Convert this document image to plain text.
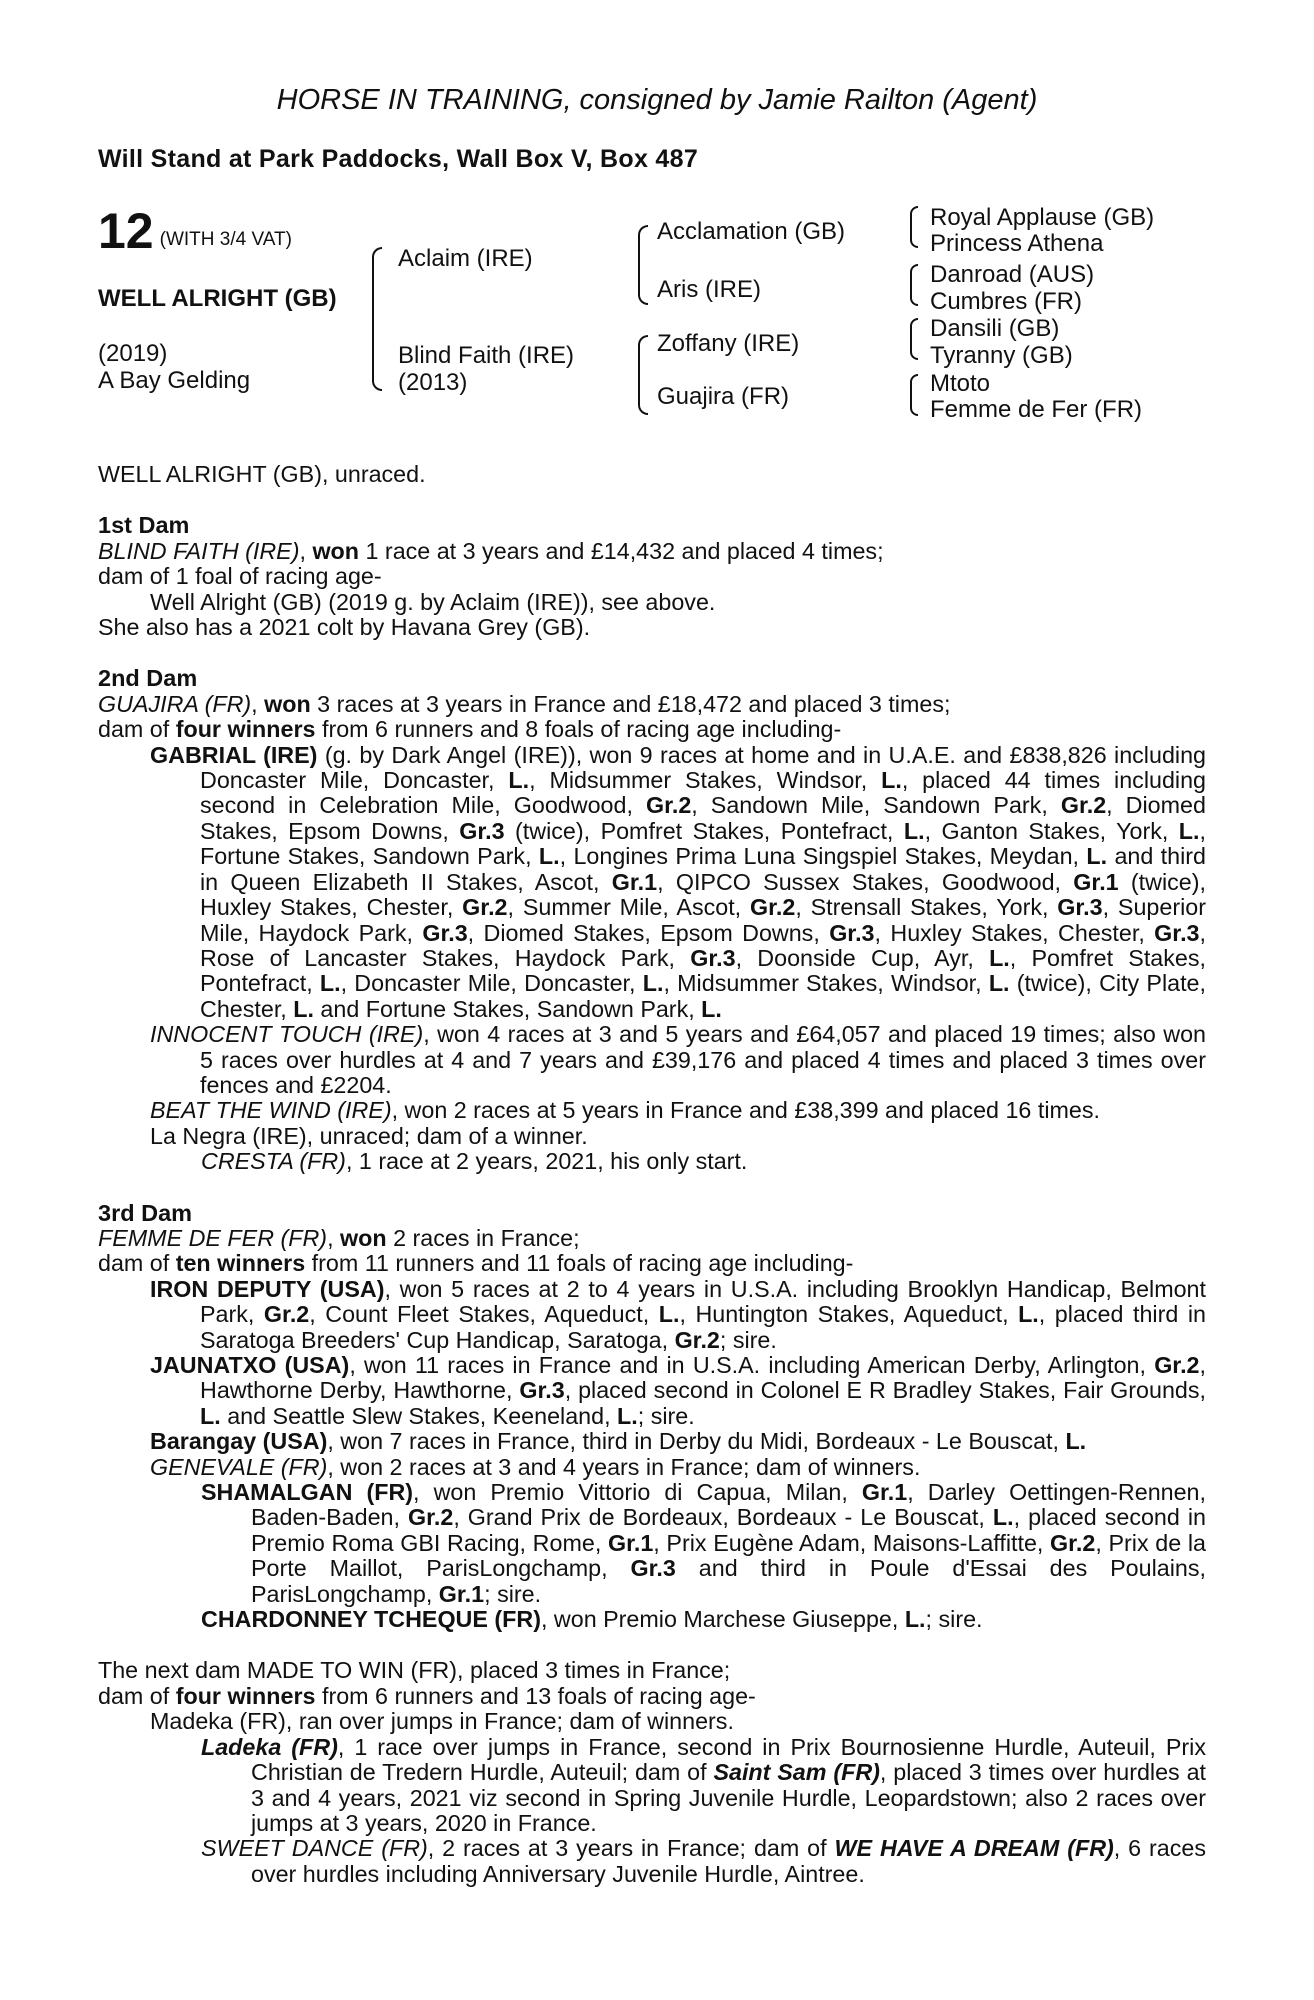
HORSE IN TRAINING, consigned by Jamie Railton (Agent)
Will Stand at Park Paddocks, Wall Box V, Box 487
12 (WITH 3/4 VAT)
WELL ALRIGHT (GB)
(2019)
A Bay Gelding
Aclaim (IRE)
Blind Faith (IRE)
(2013)
Acclamation (GB)
Aris (IRE)
Zoffany (IRE)
Guajira (FR)
Royal Applause (GB)
Princess Athena
Danroad (AUS)
Cumbres (FR)
Dansili (GB)
Tyranny (GB)
Mtoto
Femme de Fer (FR)

WELL ALRIGHT (GB), unraced.

1st Dam

BLIND FAITH (IRE), won 1 race at 3 years and £14,432 and placed 4 times;

dam of 1 foal of racing age-

Well Alright (GB) (2019 g. by Aclaim (IRE)), see above.

She also has a 2021 colt by Havana Grey (GB).

2nd Dam

GUAJIRA (FR), won 3 races at 3 years in France and £18,472 and placed 3 times;

dam of four winners from 6 runners and 8 foals of racing age including-

GABRIAL (IRE) (g. by Dark Angel (IRE)), won 9 races at home and in U.A.E. and £838,826 including Doncaster Mile, Doncaster, L., Midsummer Stakes, Windsor, L., placed 44 times including second in Celebration Mile, Goodwood, Gr.2, Sandown Mile, Sandown Park, Gr.2, Diomed Stakes, Epsom Downs, Gr.3 (twice), Pomfret Stakes, Pontefract, L., Ganton Stakes, York, L., Fortune Stakes, Sandown Park, L., Longines Prima Luna Singspiel Stakes, Meydan, L. and third in Queen Elizabeth II Stakes, Ascot, Gr.1, QIPCO Sussex Stakes, Goodwood, Gr.1 (twice), Huxley Stakes, Chester, Gr.2, Summer Mile, Ascot, Gr.2, Strensall Stakes, York, Gr.3, Superior Mile, Haydock Park, Gr.3, Diomed Stakes, Epsom Downs, Gr.3, Huxley Stakes, Chester, Gr.3, Rose of Lancaster Stakes, Haydock Park, Gr.3, Doonside Cup, Ayr, L., Pomfret Stakes, Pontefract, L., Doncaster Mile, Doncaster, L., Midsummer Stakes, Windsor, L. (twice), City Plate, Chester, L. and Fortune Stakes, Sandown Park, L.

INNOCENT TOUCH (IRE), won 4 races at 3 and 5 years and £64,057 and placed 19 times; also won 5 races over hurdles at 4 and 7 years and £39,176 and placed 4 times and placed 3 times over fences and £2204.

BEAT THE WIND (IRE), won 2 races at 5 years in France and £38,399 and placed 16 times.

La Negra (IRE), unraced; dam of a winner.

CRESTA (FR), 1 race at 2 years, 2021, his only start.

3rd Dam

FEMME DE FER (FR), won 2 races in France;

dam of ten winners from 11 runners and 11 foals of racing age including-

IRON DEPUTY (USA), won 5 races at 2 to 4 years in U.S.A. including Brooklyn Handicap, Belmont Park, Gr.2, Count Fleet Stakes, Aqueduct, L., Huntington Stakes, Aqueduct, L., placed third in Saratoga Breeders' Cup Handicap, Saratoga, Gr.2; sire.

JAUNATXO (USA), won 11 races in France and in U.S.A. including American Derby, Arlington, Gr.2, Hawthorne Derby, Hawthorne, Gr.3, placed second in Colonel E R Bradley Stakes, Fair Grounds, L. and Seattle Slew Stakes, Keeneland, L.; sire.

Barangay (USA), won 7 races in France, third in Derby du Midi, Bordeaux - Le Bouscat, L.

GENEVALE (FR), won 2 races at 3 and 4 years in France; dam of winners.

SHAMALGAN (FR), won Premio Vittorio di Capua, Milan, Gr.1, Darley Oettingen-Rennen, Baden-Baden, Gr.2, Grand Prix de Bordeaux, Bordeaux - Le Bouscat, L., placed second in Premio Roma GBI Racing, Rome, Gr.1, Prix Eugène Adam, Maisons-Laffitte, Gr.2, Prix de la Porte Maillot, ParisLongchamp, Gr.3 and third in Poule d'Essai des Poulains, ParisLongchamp, Gr.1; sire.

CHARDONNEY TCHEQUE (FR), won Premio Marchese Giuseppe, L.; sire.

The next dam MADE TO WIN (FR), placed 3 times in France;

dam of four winners from 6 runners and 13 foals of racing age-

Madeka (FR), ran over jumps in France; dam of winners.

Ladeka (FR), 1 race over jumps in France, second in Prix Bournosienne Hurdle, Auteuil, Prix Christian de Tredern Hurdle, Auteuil; dam of Saint Sam (FR), placed 3 times over hurdles at 3 and 4 years, 2021 viz second in Spring Juvenile Hurdle, Leopardstown; also 2 races over jumps at 3 years, 2020 in France.

SWEET DANCE (FR), 2 races at 3 years in France; dam of WE HAVE A DREAM (FR), 6 races over hurdles including Anniversary Juvenile Hurdle, Aintree.
